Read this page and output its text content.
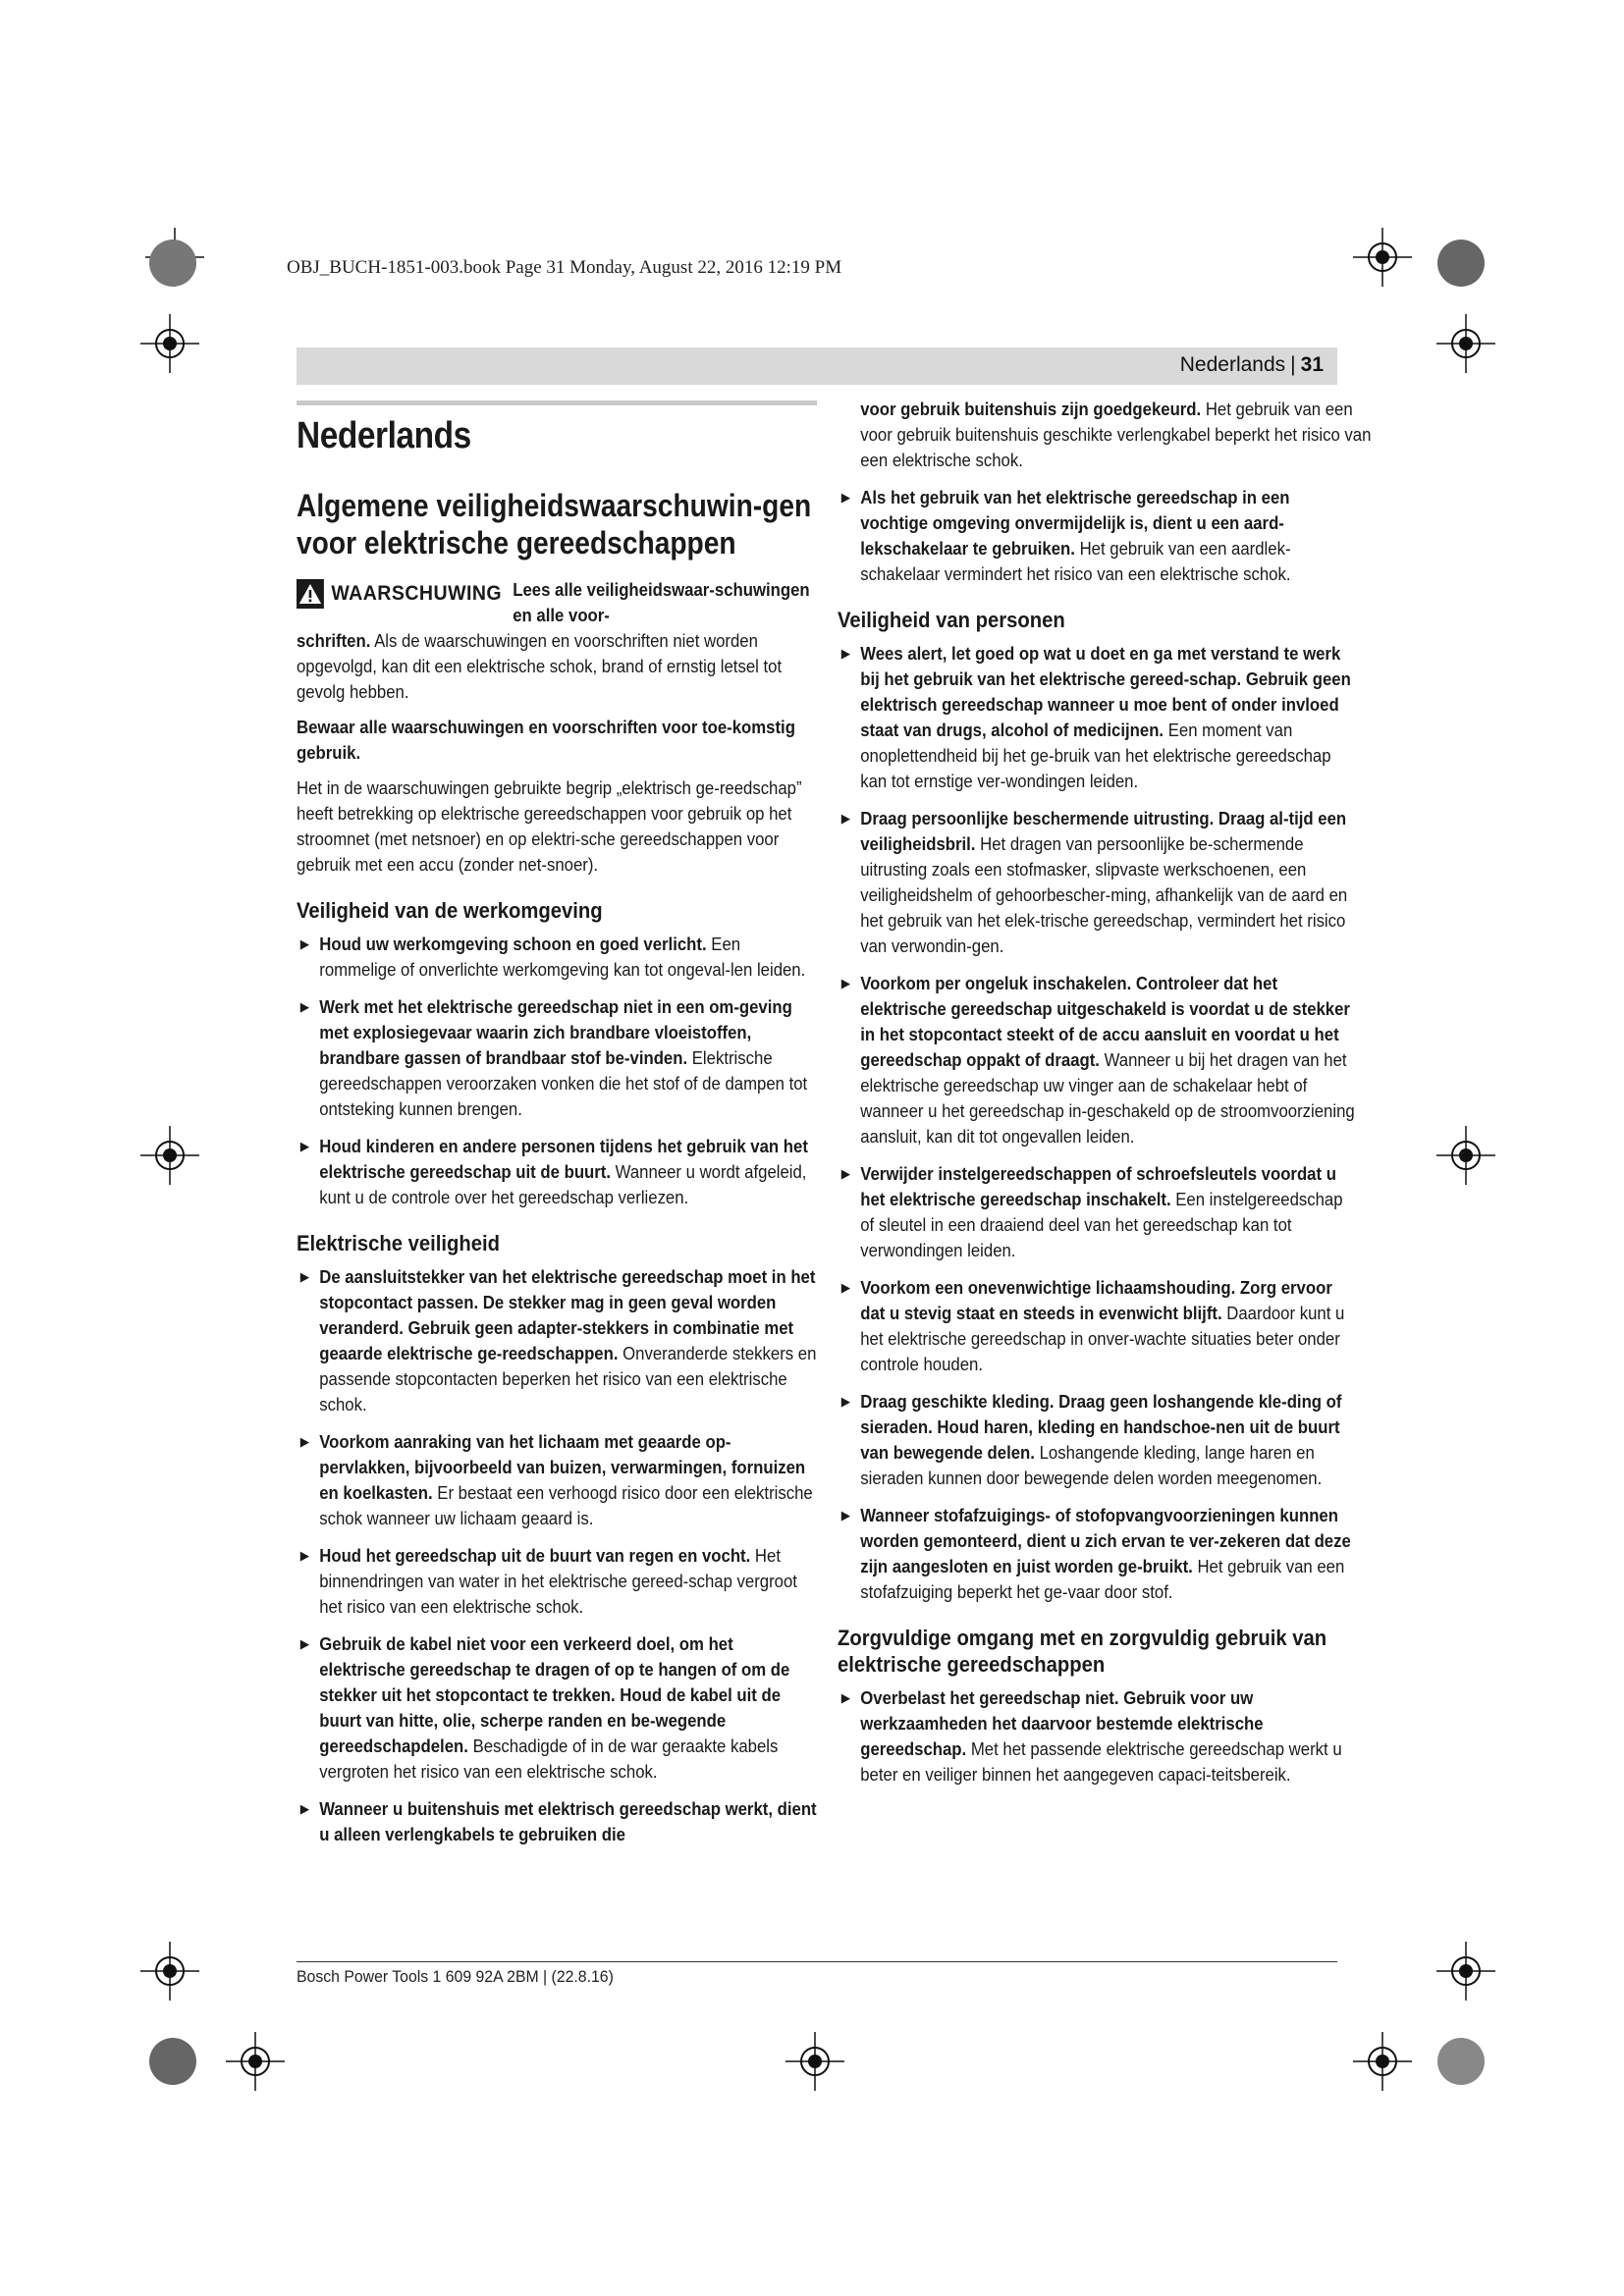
OBJ_BUCH-1851-003.book Page 31 Monday, August 22, 2016 12:19 PM
Nederlands | 31
Nederlands
Algemene veiligheidswaarschuwin-gen voor elektrische gereedschappen
WAARSCHUWING Lees alle veiligheidswaar-schuwingen en alle voor-

schriften. Als de waarschuwingen en voorschriften niet worden opgevolgd, kan dit een elektrische schok, brand of ernstig letsel tot gevolg hebben.

Bewaar alle waarschuwingen en voorschriften voor toe-komstig gebruik.

Het in de waarschuwingen gebruikte begrip „elektrisch ge-reedschap” heeft betrekking op elektrische gereedschappen voor gebruik op het stroomnet (met netsnoer) en op elektri-sche gereedschappen voor gebruik met een accu (zonder net-snoer).

Veiligheid van de werkomgeving
▶ Houd uw werkomgeving schoon en goed verlicht. Een rommelige of onverlichte werkomgeving kan tot ongeval-len leiden.
▶ Werk met het elektrische gereedschap niet in een om-geving met explosiegevaar waarin zich brandbare vloeistoffen, brandbare gassen of brandbaar stof be-vinden. Elektrische gereedschappen veroorzaken vonken die het stof of de dampen tot ontsteking kunnen brengen.
▶ Houd kinderen en andere personen tijdens het gebruik van het elektrische gereedschap uit de buurt. Wanneer u wordt afgeleid, kunt u de controle over het gereedschap verliezen.
Elektrische veiligheid
▶ De aansluitstekker van het elektrische gereedschap moet in het stopcontact passen. De stekker mag in geen geval worden veranderd. Gebruik geen adapter-stekkers in combinatie met geaarde elektrische ge-reedschappen. Onveranderde stekkers en passende stopcontacten beperken het risico van een elektrische schok.
▶ Voorkom aanraking van het lichaam met geaarde op-pervlakken, bijvoorbeeld van buizen, verwarmingen, fornuizen en koelkasten. Er bestaat een verhoogd risico door een elektrische schok wanneer uw lichaam geaard is.
▶ Houd het gereedschap uit de buurt van regen en vocht. Het binnendringen van water in het elektrische gereed-schap vergroot het risico van een elektrische schok.
▶ Gebruik de kabel niet voor een verkeerd doel, om het elektrische gereedschap te dragen of op te hangen of om de stekker uit het stopcontact te trekken. Houd de kabel uit de buurt van hitte, olie, scherpe randen en be-wegende gereedschapdelen. Beschadigde of in de war geraakte kabels vergroten het risico van een elektrische schok.
▶ Wanneer u buitenshuis met elektrisch gereedschap werkt, dient u alleen verlengkabels te gebruiken die

voor gebruik buitenshuis zijn goedgekeurd. Het gebruik van een voor gebruik buitenshuis geschikte verlengkabel beperkt het risico van een elektrische schok.

▶ Als het gebruik van het elektrische gereedschap in een vochtige omgeving onvermijdelijk is, dient u een aard-lekschakelaar te gebruiken. Het gebruik van een aardlek-schakelaar vermindert het risico van een elektrische schok.
Veiligheid van personen
▶ Wees alert, let goed op wat u doet en ga met verstand te werk bij het gebruik van het elektrische gereed-schap. Gebruik geen elektrisch gereedschap wanneer u moe bent of onder invloed staat van drugs, alcohol of medicijnen. Een moment van onoplettendheid bij het ge-bruik van het elektrische gereedschap kan tot ernstige ver-wondingen leiden.
▶ Draag persoonlijke beschermende uitrusting. Draag al-tijd een veiligheidsbril. Het dragen van persoonlijke be-schermende uitrusting zoals een stofmasker, slipvaste werkschoenen, een veiligheidshelm of gehoorbescher-ming, afhankelijk van de aard en het gebruik van het elek-trische gereedschap, vermindert het risico van verwondin-gen.
▶ Voorkom per ongeluk inschakelen. Controleer dat het elektrische gereedschap uitgeschakeld is voordat u de stekker in het stopcontact steekt of de accu aansluit en voordat u het gereedschap oppakt of draagt. Wanneer u bij het dragen van het elektrische gereedschap uw vinger aan de schakelaar hebt of wanneer u het gereedschap in-geschakeld op de stroomvoorziening aansluit, kan dit tot ongevallen leiden.
▶ Verwijder instelgereedschappen of schroefsleutels voordat u het elektrische gereedschap inschakelt. Een instelgereedschap of sleutel in een draaiend deel van het gereedschap kan tot verwondingen leiden.
▶ Voorkom een onevenwichtige lichaamshouding. Zorg ervoor dat u stevig staat en steeds in evenwicht blijft. Daardoor kunt u het elektrische gereedschap in onver-wachte situaties beter onder controle houden.
▶ Draag geschikte kleding. Draag geen loshangende kle-ding of sieraden. Houd haren, kleding en handschoe-nen uit de buurt van bewegende delen. Loshangende kleding, lange haren en sieraden kunnen door bewegende delen worden meegenomen.
▶ Wanneer stofafzuigings- of stofopvangvoorzieningen kunnen worden gemonteerd, dient u zich ervan te ver-zekeren dat deze zijn aangesloten en juist worden ge-bruikt. Het gebruik van een stofafzuiging beperkt het ge-vaar door stof.
Zorgvuldige omgang met en zorgvuldig gebruik van elektrische gereedschappen
▶ Overbelast het gereedschap niet. Gebruik voor uw werkzaamheden het daarvoor bestemde elektrische gereedschap. Met het passende elektrische gereedschap werkt u beter en veiliger binnen het aangegeven capaci-teitsbereik.
Bosch Power Tools 1 609 92A 2BM | (22.8.16)
